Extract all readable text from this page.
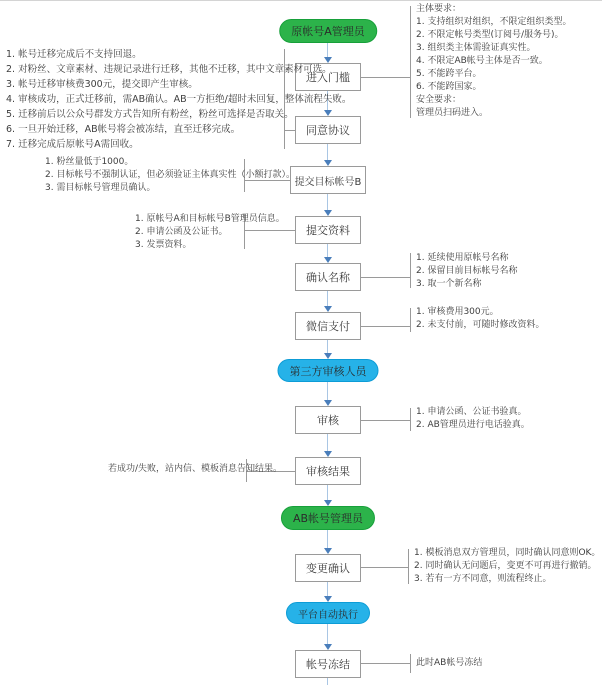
原帐号A管理员
进入门槛
同意协议
提交目标帐号B
提交资料
确认名称
微信支付
第三方审核人员
审核
审核结果
AB帐号管理员
变更确认
平台自动执行
帐号冻结
主体要求：
1. 支持组织对组织，不限定组织类型。
2. 不限定帐号类型(订阅号/服务号)。
3. 组织类主体需验证真实性。
4. 不限定AB帐号主体是否一致。
5. 不能跨平台。
6. 不能跨国家。
安全要求：
管理员扫码进入。
1. 帐号迁移完成后不支持回退。
2. 对粉丝、文章素材、违规记录进行迁移，其他不迁移，其中文章素材可选。
3. 帐号迁移审核费300元，提交即产生审核。
4. 审核成功，正式迁移前，需AB确认。AB一方拒绝/超时未回复，整体流程失败。
5. 迁移前后以公众号群发方式告知所有粉丝，粉丝可选择是否取关。
6. 一旦开始迁移，AB帐号将会被冻结，直至迁移完成。
7. 迁移完成后原帐号A需回收。
1. 粉丝量低于1000。
2. 目标帐号不强制认证，但必须验证主体真实性（小额打款）。
3. 需目标帐号管理员确认。
1. 原帐号A和目标帐号B管理员信息。
2. 申请公函及公证书。
3. 发票资料。
1. 延续使用原帐号名称
2. 保留目前目标帐号名称
3. 取一个新名称
1. 审核费用300元。
2. 未支付前，可随时修改资料。
1. 申请公函、公证书验真。
2. AB管理员进行电话验真。
若成功/失败，站内信、模板消息告知结果。
1. 模板消息双方管理员，同时确认同意则OK。
2. 同时确认无问题后，变更不可再进行撤销。
3. 若有一方不同意，则流程终止。
此时AB帐号冻结
